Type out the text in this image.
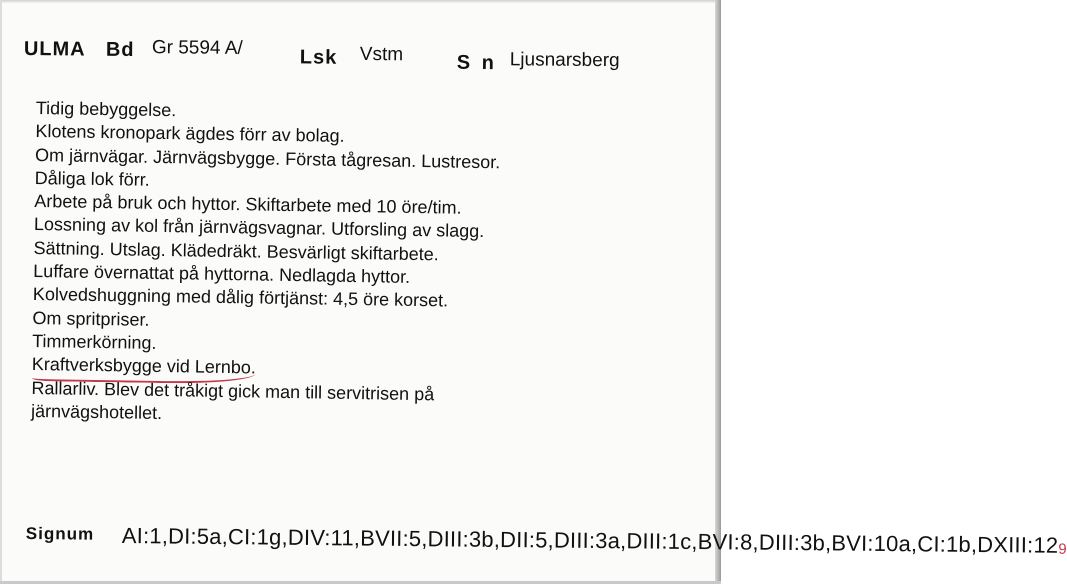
ULMA Bd Gr 5594 A/	Lsk Vstm	S n Ljusnarsberg
Tidig bebyggelse.
Klotens kronopark ägdes förr av bolag.
Om järnvägar. Järnvägsbygge. Första tågresan. Lustresor.
Dåliga lok förr.
Arbete på bruk och hyttor. Skiftarbete med 10 öre/tim.
Lossning av kol från järnvägsvagnar. Utforsling av slagg.
Sättning. Utslag. Klädedräkt. Besvärligt skiftarbete.
Luffare övernattat på hyttorna. Nedlagda hyttor.
Kolvedshuggning med dålig förtjänst: 4,5 öre korset.
Om spritpriser.
Timmerkörning.
Kraftverksbygge vid Lernbo.
Rallarliv. Blev det tråkigt gick man till servitrisen på järnvägshotellet.
Signum AI:1,DI:5a,CI:1g,DIV:11,BVII:5,DIII:3b,DII:5,DIII:3a,DIII:1c,BVI:8,DIII:3b,BVI:10a,CI:1b,DXIII:129
